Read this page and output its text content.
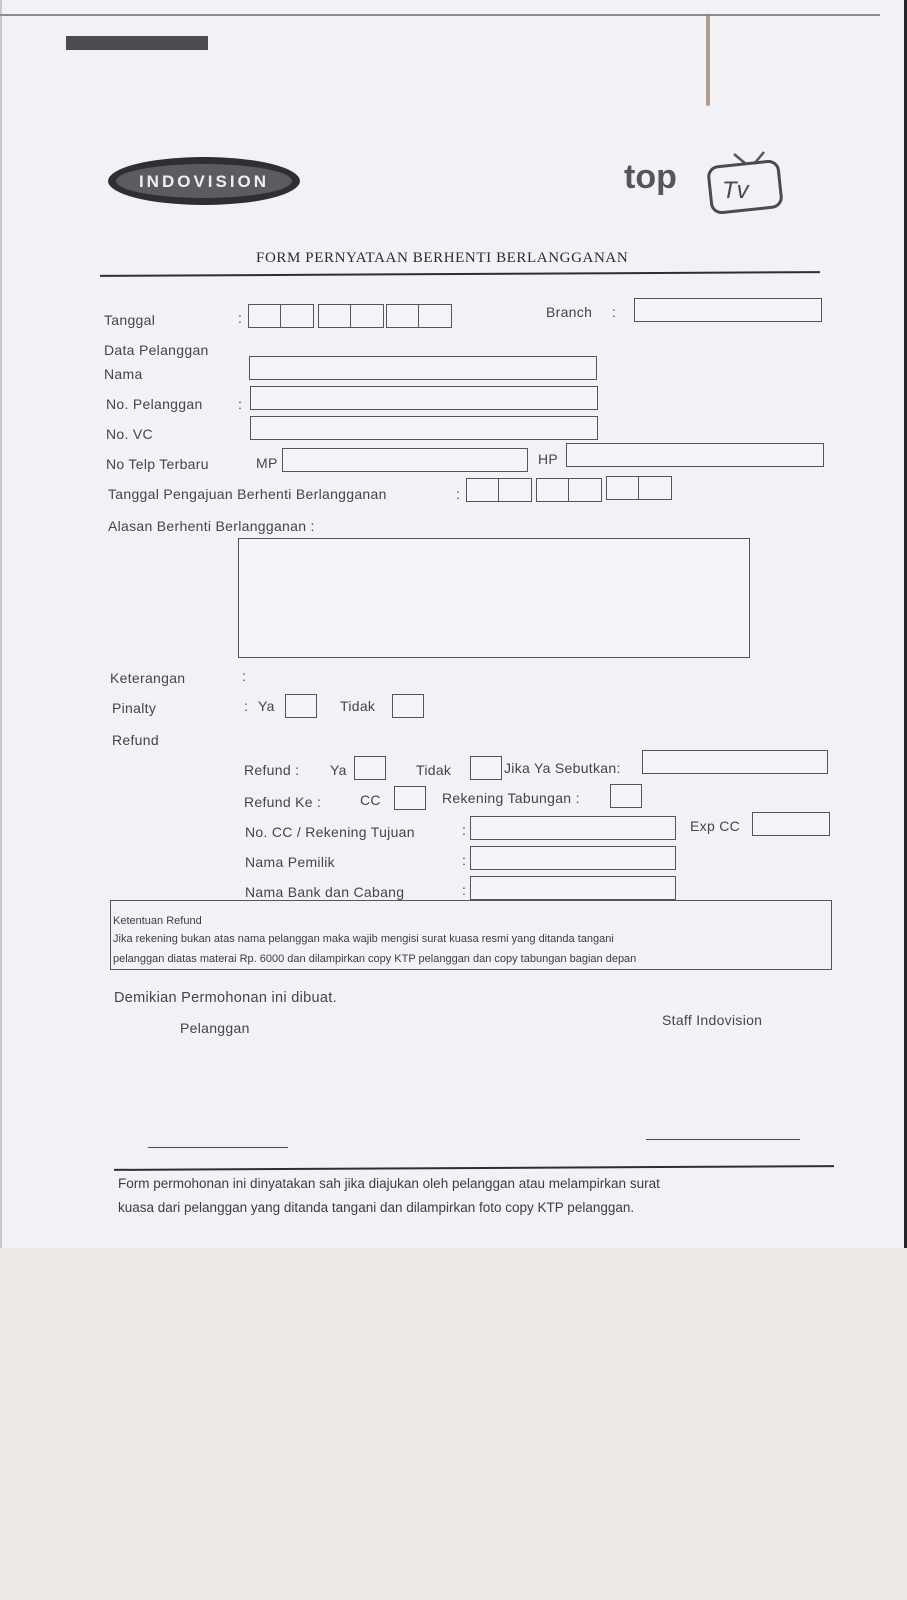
INDOVISION	top Tv
FORM PERNYATAAN BERHENTI BERLANGGANAN
Tanggal	:	Branch :
Data Pelanggan
Nama
No. Pelanggan	:
No. VC
No Telp Terbaru	MP	HP
Tanggal Pengajuan Berhenti Berlangganan	:
Alasan Berhenti Berlangganan :
Keterangan	:
Pinalty	: Ya	Tidak
Refund
Refund : Ya	Tidak	Jika Ya Sebutkan:
Refund Ke :	CC	Rekening Tabungan :
No. CC / Rekening Tujuan	:	Exp CC
Nama Pemilik	:
Nama Bank dan Cabang	:
Ketentuan Refund
Jika rekening bukan atas nama pelanggan maka wajib mengisi surat kuasa resmi yang ditanda tangani
pelanggan diatas materai Rp. 6000 dan dilampirkan copy KTP pelanggan dan copy tabungan bagian depan
Demikian Permohonan ini dibuat.
Pelanggan	Staff Indovision
Form permohonan ini dinyatakan sah jika diajukan oleh pelanggan atau melampirkan surat
kuasa dari pelanggan yang ditanda tangani dan dilampirkan foto copy KTP pelanggan.
